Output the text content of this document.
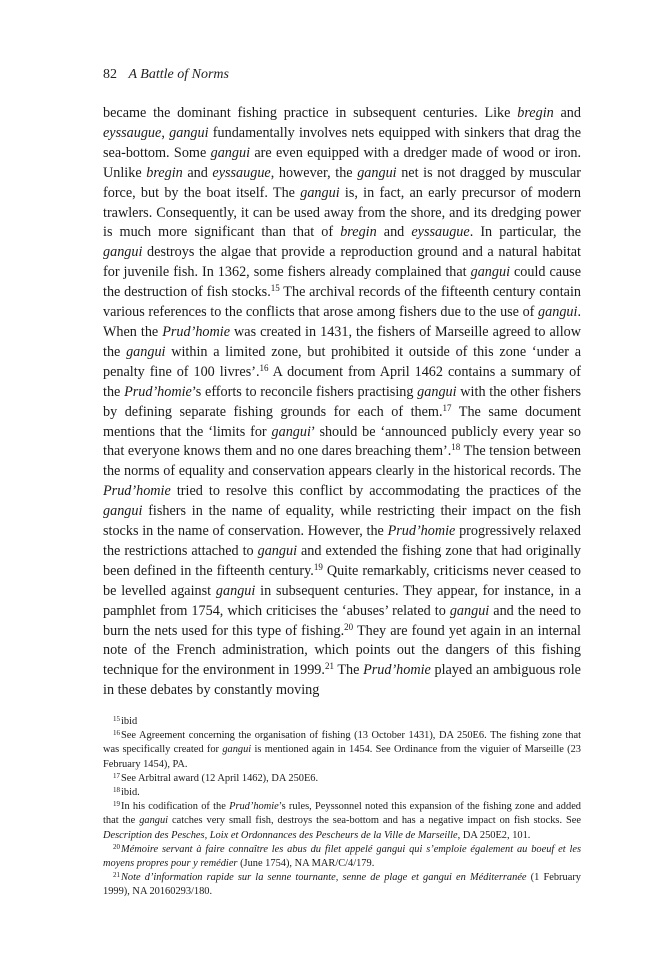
82 A Battle of Norms

became the dominant fishing practice in subsequent centuries. Like bregin and eyssaugue, gangui fundamentally involves nets equipped with sinkers that drag the sea-bottom. Some gangui are even equipped with a dredger made of wood or iron. Unlike bregin and eyssaugue, however, the gangui net is not dragged by muscular force, but by the boat itself. The gangui is, in fact, an early precursor of modern trawlers. Consequently, it can be used away from the shore, and its dredging power is much more significant than that of bregin and eyssaugue. In particular, the gangui destroys the algae that provide a reproduction ground and a natural habitat for juvenile fish. In 1362, some fishers already complained that gangui could cause the destruction of fish stocks.$^{15}$ The archival records of the fifteenth century contain various references to the conflicts that arose among fishers due to the use of gangui. When the Prud’homie was created in 1431, the fishers of Marseille agreed to allow the gangui within a limited zone, but prohibited it outside of this zone ‘under a penalty fine of 100 livres’.$^{16}$ A document from April 1462 contains a summary of the Prud’homie’s efforts to reconcile fishers practising gangui with the other fishers by defining separate fishing grounds for each of them.$^{17}$ The same document mentions that the ‘limits for gangui’ should be ‘announced publicly every year so that everyone knows them and no one dares breaching them’.$^{18}$ The tension between the norms of equality and conservation appears clearly in the historical records. The Prud’homie tried to resolve this conflict by accommodating the practices of the gangui fishers in the name of equality, while restricting their impact on the fish stocks in the name of conservation. However, the Prud’homie progressively relaxed the restrictions attached to gangui and extended the fishing zone that had originally been defined in the fifteenth century.$^{19}$ Quite remarkably, criticisms never ceased to be levelled against gangui in subsequent centuries. They appear, for instance, in a pamphlet from 1754, which criticises the ‘abuses’ related to gangui and the need to burn the nets used for this type of fishing.$^{20}$ They are found yet again in an internal note of the French administration, which points out the dangers of this fishing technique for the environment in 1999.21 The Prud’homie played an ambiguous role in these debates by constantly moving

$^{15}$ibid

$^{16}$See Agreement concerning the organisation of fishing (13 October 1431), DA 250E6. The fishing zone that was specifically created for gangui is mentioned again in 1454. See Ordinance from the viguier of Marseille (23 February 1454), PA.

$^{17}$See Arbitral award (12 April 1462), DA 250E6.

$^{18}$ibid.

$^{19}$In his codification of the Prud’homie’s rules, Peyssonnel noted this expansion of the fishing zone and added that the gangui catches very small fish, destroys the sea-bottom and has a negative impact on fish stocks. See Description des Pesches, Loix et Ordonnances des Pescheurs de la Ville de Marseille, DA 250E2, 101.

$^{20}$Mémoire servant à faire connaître les abus du filet appelé gangui qui s’emploie également au boeuf et les moyens propres pour y remédier (June 1754), NA MAR/C/4/179.

$^{21}$Note d’information rapide sur la senne tournante, senne de plage et gangui en Méditerranée (1 February 1999), NA 20160293/180.
